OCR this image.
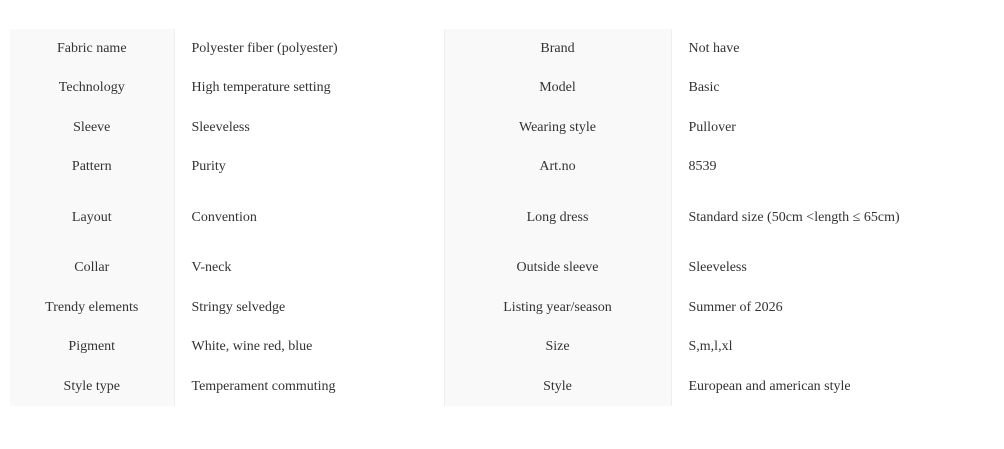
Fabric name	Polyester fiber (polyester)	Brand	Not have
Technology	High temperature setting	Model	Basic
Sleeve	Sleeveless	Wearing style	Pullover
Pattern	Purity	Art.no	8539
Layout	Convention	Long dress	Standard size (50cm <length ≤ 65cm)
Collar	V-neck	Outside sleeve	Sleeveless
Trendy elements	Stringy selvedge	Listing year/season	Summer of 2026
Pigment	White, wine red, blue	Size	S,m,l,xl
Style type	Temperament commuting	Style	European and american style
